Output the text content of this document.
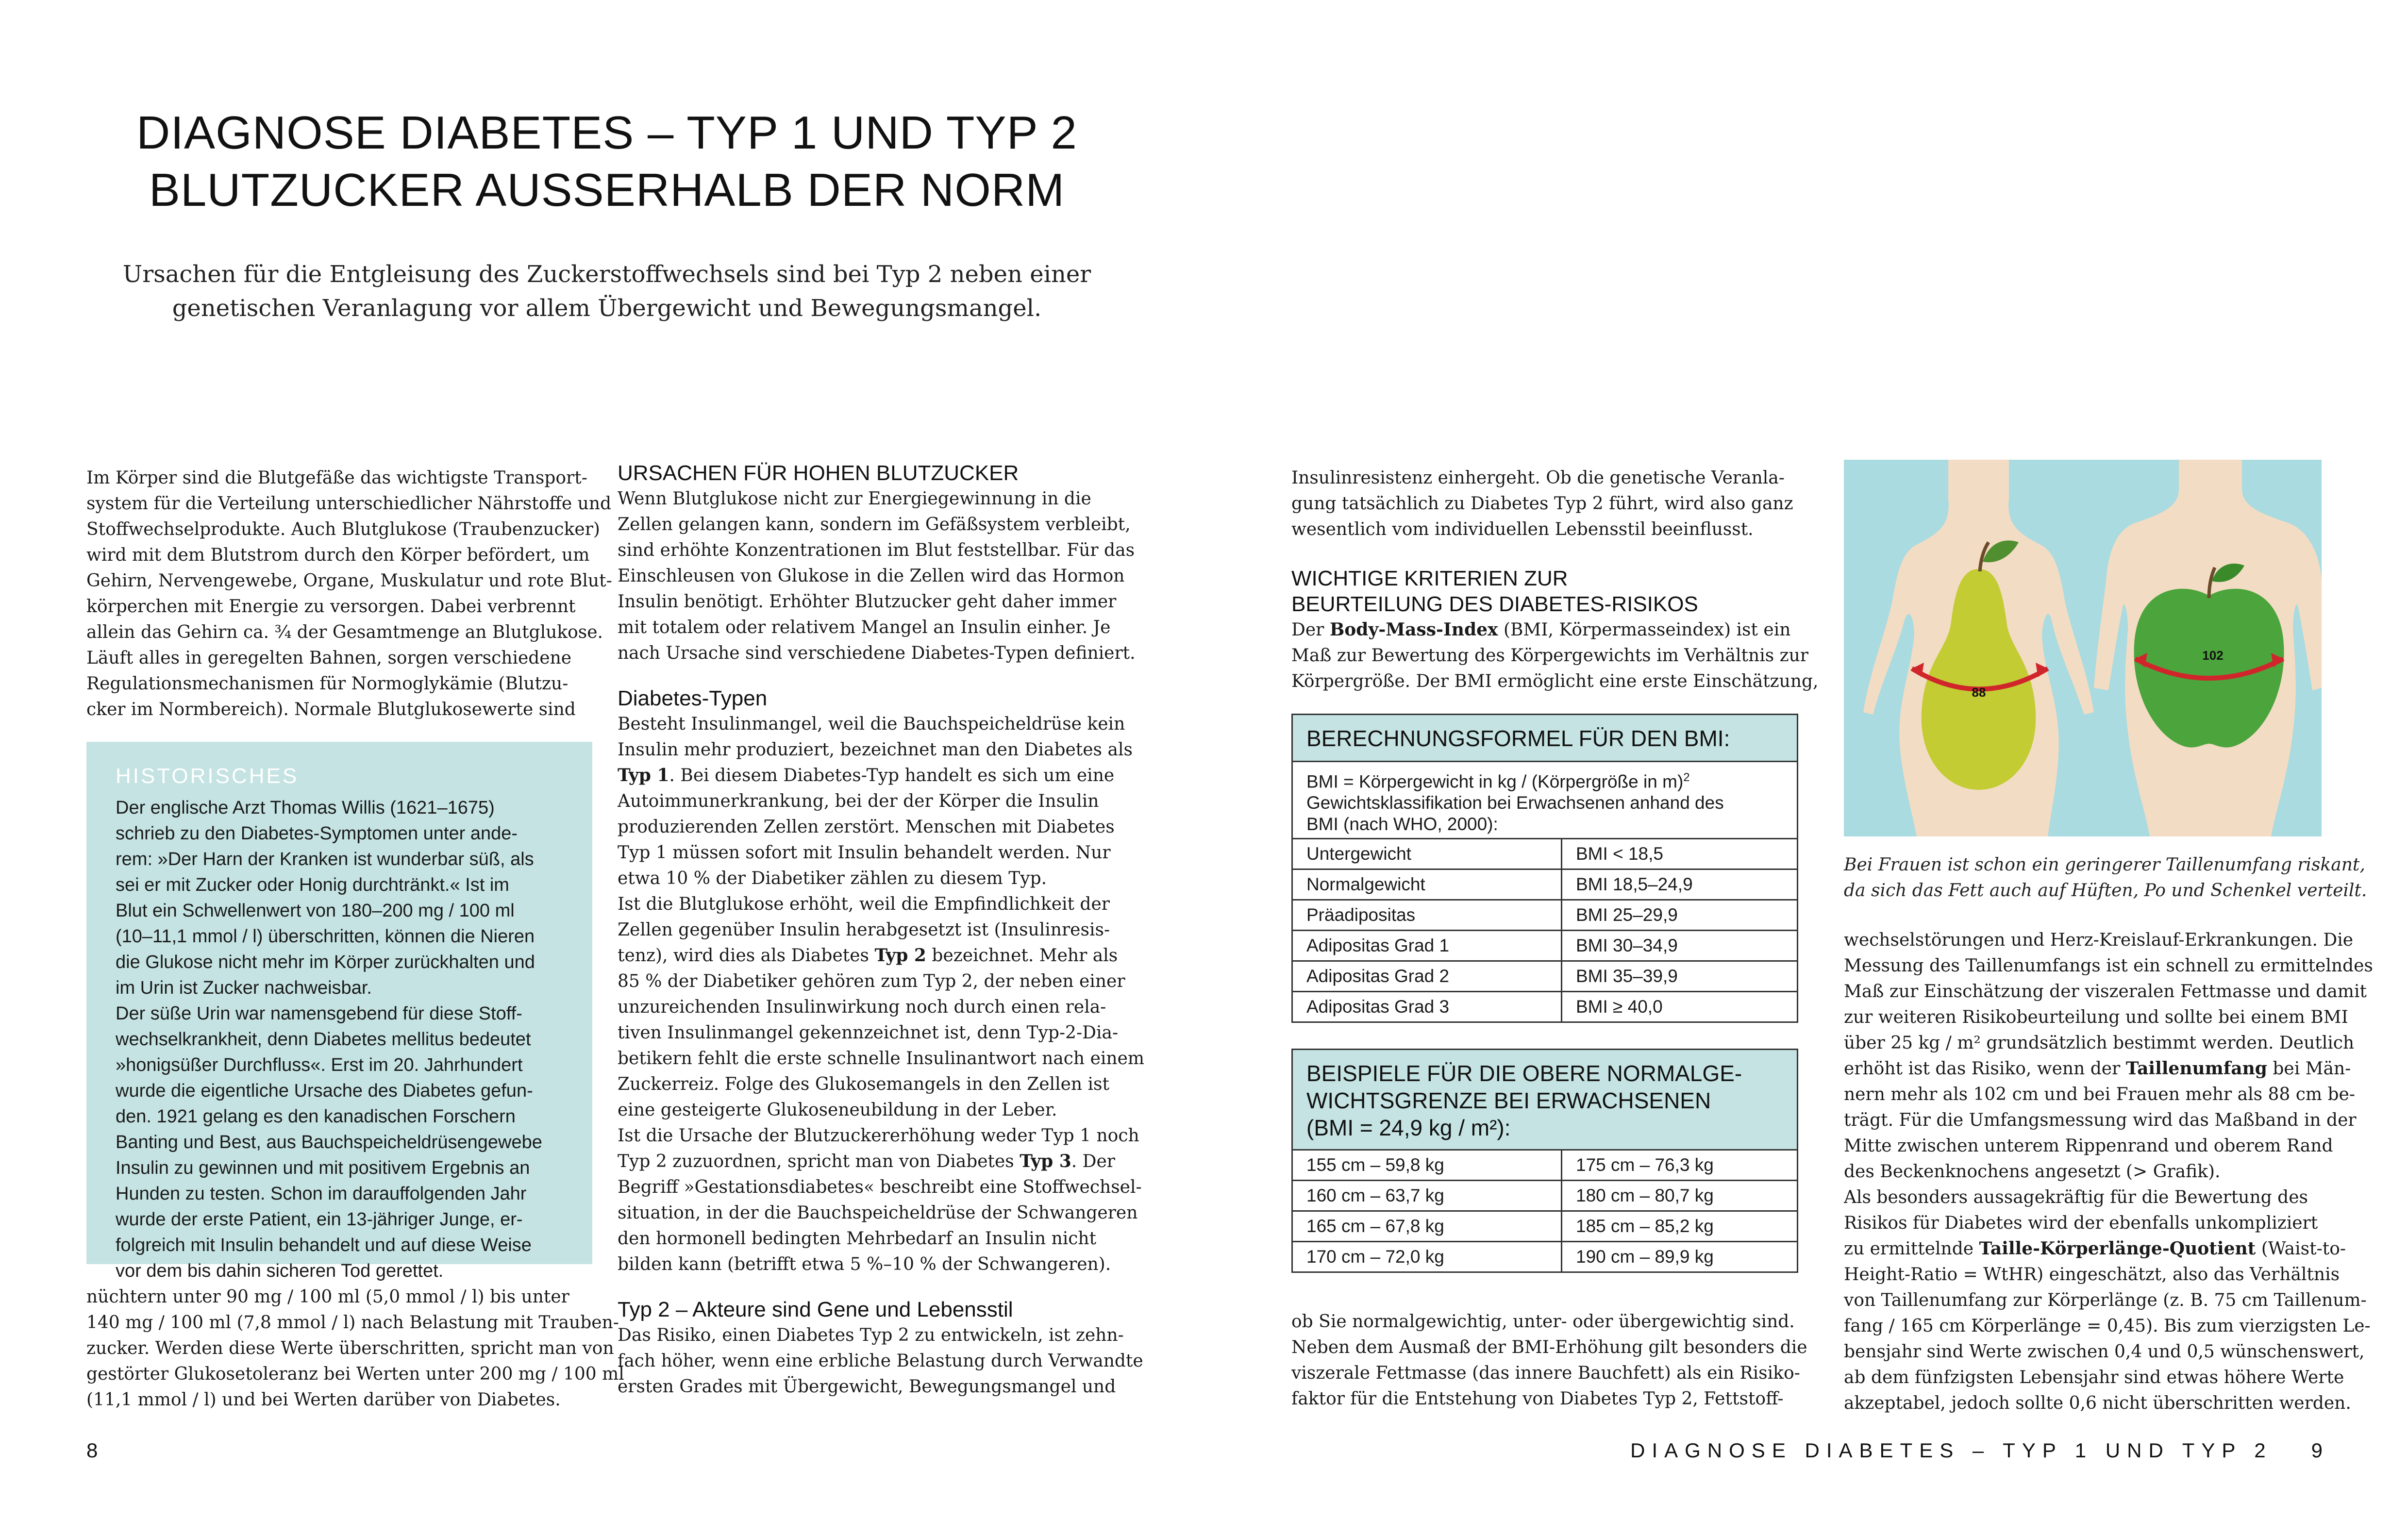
DIAGNOSE DIABETES – TYP 1 UND TYP 2
BLUTZUCKER AUSSERHALB DER NORM
Ursachen für die Entgleisung des Zuckerstoffwechsels sind bei Typ 2 neben einer
genetischen Veranlagung vor allem Übergewicht und Bewegungsmangel.

Im Körper sind die Blutgefäße das wichtigste Transport-

system für die Verteilung unterschiedlicher Nährstoffe und

Stoffwechselprodukte. Auch Blutglukose (Traubenzucker)

wird mit dem Blutstrom durch den Körper befördert, um

Gehirn, Nervengewebe, Organe, Muskulatur und rote Blut-

körperchen mit Energie zu versorgen. Dabei verbrennt

allein das Gehirn ca. ¾ der Gesamtmenge an Blutglukose.

Läuft alles in geregelten Bahnen, sorgen verschiedene

Regulationsmechanismen für Normoglykämie (Blutzu-

cker im Normbereich). Normale Blutglukosewerte sind

HISTORISCHES

Der englische Arzt Thomas Willis (1621–1675)

schrieb zu den Diabetes-Symptomen unter ande-

rem: »Der Harn der Kranken ist wunderbar süß, als

sei er mit Zucker oder Honig durchtränkt.« Ist im

Blut ein Schwellenwert von 180–200 mg / 100 ml

(10–11,1 mmol / l) überschritten, können die Nieren

die Glukose nicht mehr im Körper zurückhalten und

im Urin ist Zucker nachweisbar.

Der süße Urin war namensgebend für diese Stoff-

wechselkrankheit, denn Diabetes mellitus bedeutet

»honigsüßer Durchfluss«. Erst im 20. Jahrhundert

wurde die eigentliche Ursache des Diabetes gefun-

den. 1921 gelang es den kanadischen Forschern

Banting und Best, aus Bauchspeicheldrüsengewebe

Insulin zu gewinnen und mit positivem Ergebnis an

Hunden zu testen. Schon im darauffolgenden Jahr

wurde der erste Patient, ein 13-jähriger Junge, er-

folgreich mit Insulin behandelt und auf diese Weise

vor dem bis dahin sicheren Tod gerettet.

nüchtern unter 90 mg / 100 ml (5,0 mmol / l) bis unter

140 mg / 100 ml (7,8 mmol / l) nach Belastung mit Trauben-

zucker. Werden diese Werte überschritten, spricht man von

gestörter Glukosetoleranz bei Werten unter 200 mg / 100 ml

(11,1 mmol / l) und bei Werten darüber von Diabetes.

URSACHEN FÜR HOHEN BLUTZUCKER

Wenn Blutglukose nicht zur Energiegewinnung in die

Zellen gelangen kann, sondern im Gefäßsystem verbleibt,

sind erhöhte Konzentrationen im Blut feststellbar. Für das

Einschleusen von Glukose in die Zellen wird das Hormon

Insulin benötigt. Erhöhter Blutzucker geht daher immer

mit totalem oder relativem Mangel an Insulin einher. Je

nach Ursache sind verschiedene Diabetes-Typen definiert.

Diabetes-Typen

Besteht Insulinmangel, weil die Bauchspeicheldrüse kein

Insulin mehr produziert, bezeichnet man den Diabetes als

Typ 1. Bei diesem Diabetes-Typ handelt es sich um eine

Autoimmunerkrankung, bei der der Körper die Insulin

produzierenden Zellen zerstört. Menschen mit Diabetes

Typ 1 müssen sofort mit Insulin behandelt werden. Nur

etwa 10 % der Diabetiker zählen zu diesem Typ.

Ist die Blutglukose erhöht, weil die Empfindlichkeit der

Zellen gegenüber Insulin herabgesetzt ist (Insulinresis-

tenz), wird dies als Diabetes Typ 2 bezeichnet. Mehr als

85 % der Diabetiker gehören zum Typ 2, der neben einer

unzureichenden Insulinwirkung noch durch einen rela-

tiven Insulinmangel gekennzeichnet ist, denn Typ-2-Dia-

betikern fehlt die erste schnelle Insulinantwort nach einem

Zuckerreiz. Folge des Glukosemangels in den Zellen ist

eine gesteigerte Glukoseneubildung in der Leber.

Ist die Ursache der Blutzuckererhöhung weder Typ 1 noch

Typ 2 zuzuordnen, spricht man von Diabetes Typ 3. Der

Begriff »Gestationsdiabetes« beschreibt eine Stoffwechsel-

situation, in der die Bauchspeicheldrüse der Schwangeren

den hormonell bedingten Mehrbedarf an Insulin nicht

bilden kann (betrifft etwa 5 %–10 % der Schwangeren).

Typ 2 – Akteure sind Gene und Lebensstil

Das Risiko, einen Diabetes Typ 2 zu entwickeln, ist zehn-

fach höher, wenn eine erbliche Belastung durch Verwandte

ersten Grades mit Übergewicht, Bewegungsmangel und

Insulinresistenz einhergeht. Ob die genetische Veranla-

gung tatsächlich zu Diabetes Typ 2 führt, wird also ganz

wesentlich vom individuellen Lebensstil beeinflusst.

WICHTIGE KRITERIEN ZUR
BEURTEILUNG DES DIABETES-RISIKOS

Der Body-Mass-Index (BMI, Körpermasseindex) ist ein

Maß zur Bewertung des Körpergewichts im Verhältnis zur

Körpergröße. Der BMI ermöglicht eine erste Einschätzung,

BERECHNUNGSFORMEL FÜR DEN BMI:
BMI = Körpergewicht in kg / (Körpergröße in m)$^2$
Gewichtsklassifikation bei Erwachsenen anhand des
BMI (nach WHO, 2000):
Untergewicht	BMI < 18,5
Normalgewicht	BMI 18,5–24,9
Präadipositas	BMI 25–29,9
Adipositas Grad 1	BMI 30–34,9
Adipositas Grad 2	BMI 35–39,9
Adipositas Grad 3	BMI ≥ 40,0
BEISPIELE FÜR DIE OBERE NORMALGE-
WICHTSGRENZE BEI ERWACHSENEN
(BMI = 24,9 kg / m²):
155 cm – 59,8 kg	175 cm – 76,3 kg
160 cm – 63,7 kg	180 cm – 80,7 kg
165 cm – 67,8 kg	185 cm – 85,2 kg
170 cm – 72,0 kg	190 cm – 89,9 kg

ob Sie normalgewichtig, unter- oder übergewichtig sind.

Neben dem Ausmaß der BMI-Erhöhung gilt besonders die

viszerale Fettmasse (das innere Bauchfett) als ein Risiko-

faktor für die Entstehung von Diabetes Typ 2, Fettstoff-

88
102

Bei Frauen ist schon ein geringerer Taillenumfang riskant,

da sich das Fett auch auf Hüften, Po und Schenkel verteilt.

wechselstörungen und Herz-Kreislauf-Erkrankungen. Die

Messung des Taillenumfangs ist ein schnell zu ermittelndes

Maß zur Einschätzung der viszeralen Fettmasse und damit

zur weiteren Risikobeurteilung und sollte bei einem BMI

über 25 kg / m² grundsätzlich bestimmt werden. Deutlich

erhöht ist das Risiko, wenn der Taillenumfang bei Män-

nern mehr als 102 cm und bei Frauen mehr als 88 cm be-

trägt. Für die Umfangsmessung wird das Maßband in der

Mitte zwischen unterem Rippenrand und oberem Rand

des Beckenknochens angesetzt (> Grafik).

Als besonders aussagekräftig für die Bewertung des

Risikos für Diabetes wird der ebenfalls unkompliziert

zu ermittelnde Taille-Körperlänge-Quotient (Waist-to-

Height-Ratio = WtHR) eingeschätzt, also das Verhältnis

von Taillenumfang zur Körperlänge (z. B. 75 cm Taillenum-

fang / 165 cm Körperlänge = 0,45). Bis zum vierzigsten Le-

bensjahr sind Werte zwischen 0,4 und 0,5 wünschenswert,

ab dem fünfzigsten Lebensjahr sind etwas höhere Werte

akzeptabel, jedoch sollte 0,6 nicht überschritten werden.

8	DIAGNOSE DIABETES – TYP 1 UND TYP 2 9
